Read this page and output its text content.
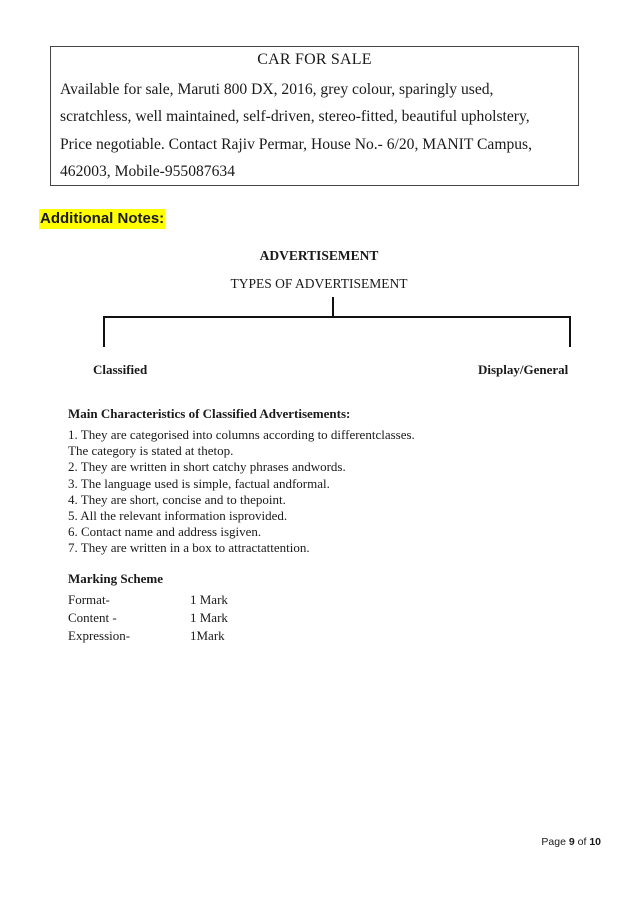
CAR FOR SALE
Available for sale, Maruti 800 DX, 2016, grey colour, sparingly used,
scratchless, well maintained, self-driven, stereo-fitted, beautiful upholstery,
Price negotiable. Contact Rajiv Permar, House No.- 6/20, MANIT Campus,
462003, Mobile-955087634
Additional Notes:
ADVERTISEMENT
TYPES OF ADVERTISEMENT
Classified	Display/General
Main Characteristics of Classified Advertisements:
1. They are categorised into columns according to differentclasses.
The category is stated at thetop.
2. They are written in short catchy phrases andwords.
3. The language used is simple, factual andformal.
4. They are short, concise and to thepoint.
5. All the relevant information isprovided.
6. Contact name and address isgiven.
7. They are written in a box to attractattention.
Marking Scheme
Format-	1 Mark
Content -	1 Mark
Expression-	1Mark
Page 9 of 10
